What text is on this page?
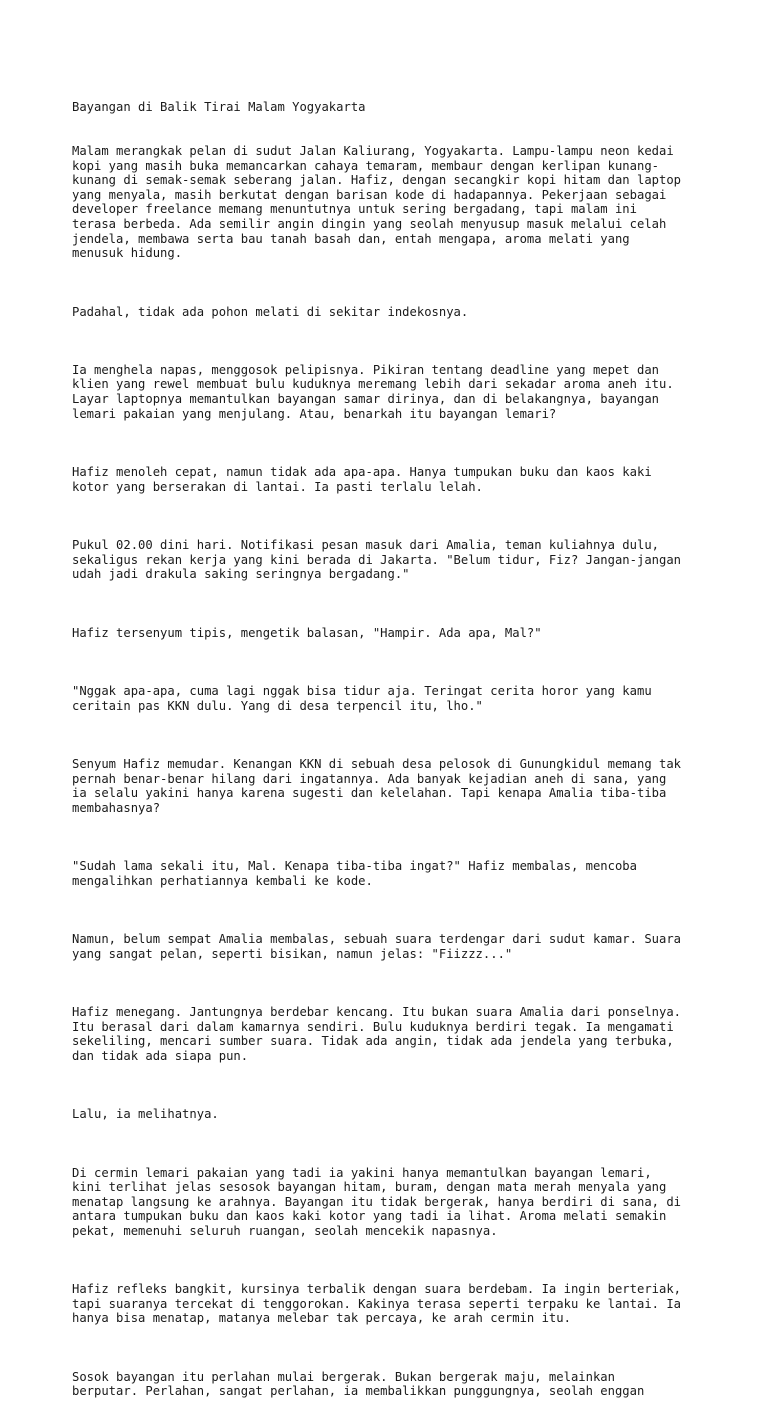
Bayangan di Balik Tirai Malam Yogyakarta

Malam merangkak pelan di sudut Jalan Kaliurang, Yogyakarta. Lampu-lampu neon kedai
kopi yang masih buka memancarkan cahaya temaram, membaur dengan kerlipan kunang-
kunang di semak-semak seberang jalan. Hafiz, dengan secangkir kopi hitam dan laptop
yang menyala, masih berkutat dengan barisan kode di hadapannya. Pekerjaan sebagai
developer freelance memang menuntutnya untuk sering bergadang, tapi malam ini
terasa berbeda. Ada semilir angin dingin yang seolah menyusup masuk melalui celah
jendela, membawa serta bau tanah basah dan, entah mengapa, aroma melati yang
menusuk hidung.

Padahal, tidak ada pohon melati di sekitar indekosnya.

Ia menghela napas, menggosok pelipisnya. Pikiran tentang deadline yang mepet dan
klien yang rewel membuat bulu kuduknya meremang lebih dari sekadar aroma aneh itu.
Layar laptopnya memantulkan bayangan samar dirinya, dan di belakangnya, bayangan
lemari pakaian yang menjulang. Atau, benarkah itu bayangan lemari?

Hafiz menoleh cepat, namun tidak ada apa-apa. Hanya tumpukan buku dan kaos kaki
kotor yang berserakan di lantai. Ia pasti terlalu lelah.

Pukul 02.00 dini hari. Notifikasi pesan masuk dari Amalia, teman kuliahnya dulu,
sekaligus rekan kerja yang kini berada di Jakarta. "Belum tidur, Fiz? Jangan-jangan
udah jadi drakula saking seringnya bergadang."

Hafiz tersenyum tipis, mengetik balasan, "Hampir. Ada apa, Mal?"

"Nggak apa-apa, cuma lagi nggak bisa tidur aja. Teringat cerita horor yang kamu
ceritain pas KKN dulu. Yang di desa terpencil itu, lho."

Senyum Hafiz memudar. Kenangan KKN di sebuah desa pelosok di Gunungkidul memang tak
pernah benar-benar hilang dari ingatannya. Ada banyak kejadian aneh di sana, yang
ia selalu yakini hanya karena sugesti dan kelelahan. Tapi kenapa Amalia tiba-tiba
membahasnya?

"Sudah lama sekali itu, Mal. Kenapa tiba-tiba ingat?" Hafiz membalas, mencoba
mengalihkan perhatiannya kembali ke kode.

Namun, belum sempat Amalia membalas, sebuah suara terdengar dari sudut kamar. Suara
yang sangat pelan, seperti bisikan, namun jelas: "Fiizzz..."

Hafiz menegang. Jantungnya berdebar kencang. Itu bukan suara Amalia dari ponselnya.
Itu berasal dari dalam kamarnya sendiri. Bulu kuduknya berdiri tegak. Ia mengamati
sekeliling, mencari sumber suara. Tidak ada angin, tidak ada jendela yang terbuka,
dan tidak ada siapa pun.

Lalu, ia melihatnya.

Di cermin lemari pakaian yang tadi ia yakini hanya memantulkan bayangan lemari,
kini terlihat jelas sesosok bayangan hitam, buram, dengan mata merah menyala yang
menatap langsung ke arahnya. Bayangan itu tidak bergerak, hanya berdiri di sana, di
antara tumpukan buku dan kaos kaki kotor yang tadi ia lihat. Aroma melati semakin
pekat, memenuhi seluruh ruangan, seolah mencekik napasnya.

Hafiz refleks bangkit, kursinya terbalik dengan suara berdebam. Ia ingin berteriak,
tapi suaranya tercekat di tenggorokan. Kakinya terasa seperti terpaku ke lantai. Ia
hanya bisa menatap, matanya melebar tak percaya, ke arah cermin itu.

Sosok bayangan itu perlahan mulai bergerak. Bukan bergerak maju, melainkan
berputar. Perlahan, sangat perlahan, ia membalikkan punggungnya, seolah enggan
